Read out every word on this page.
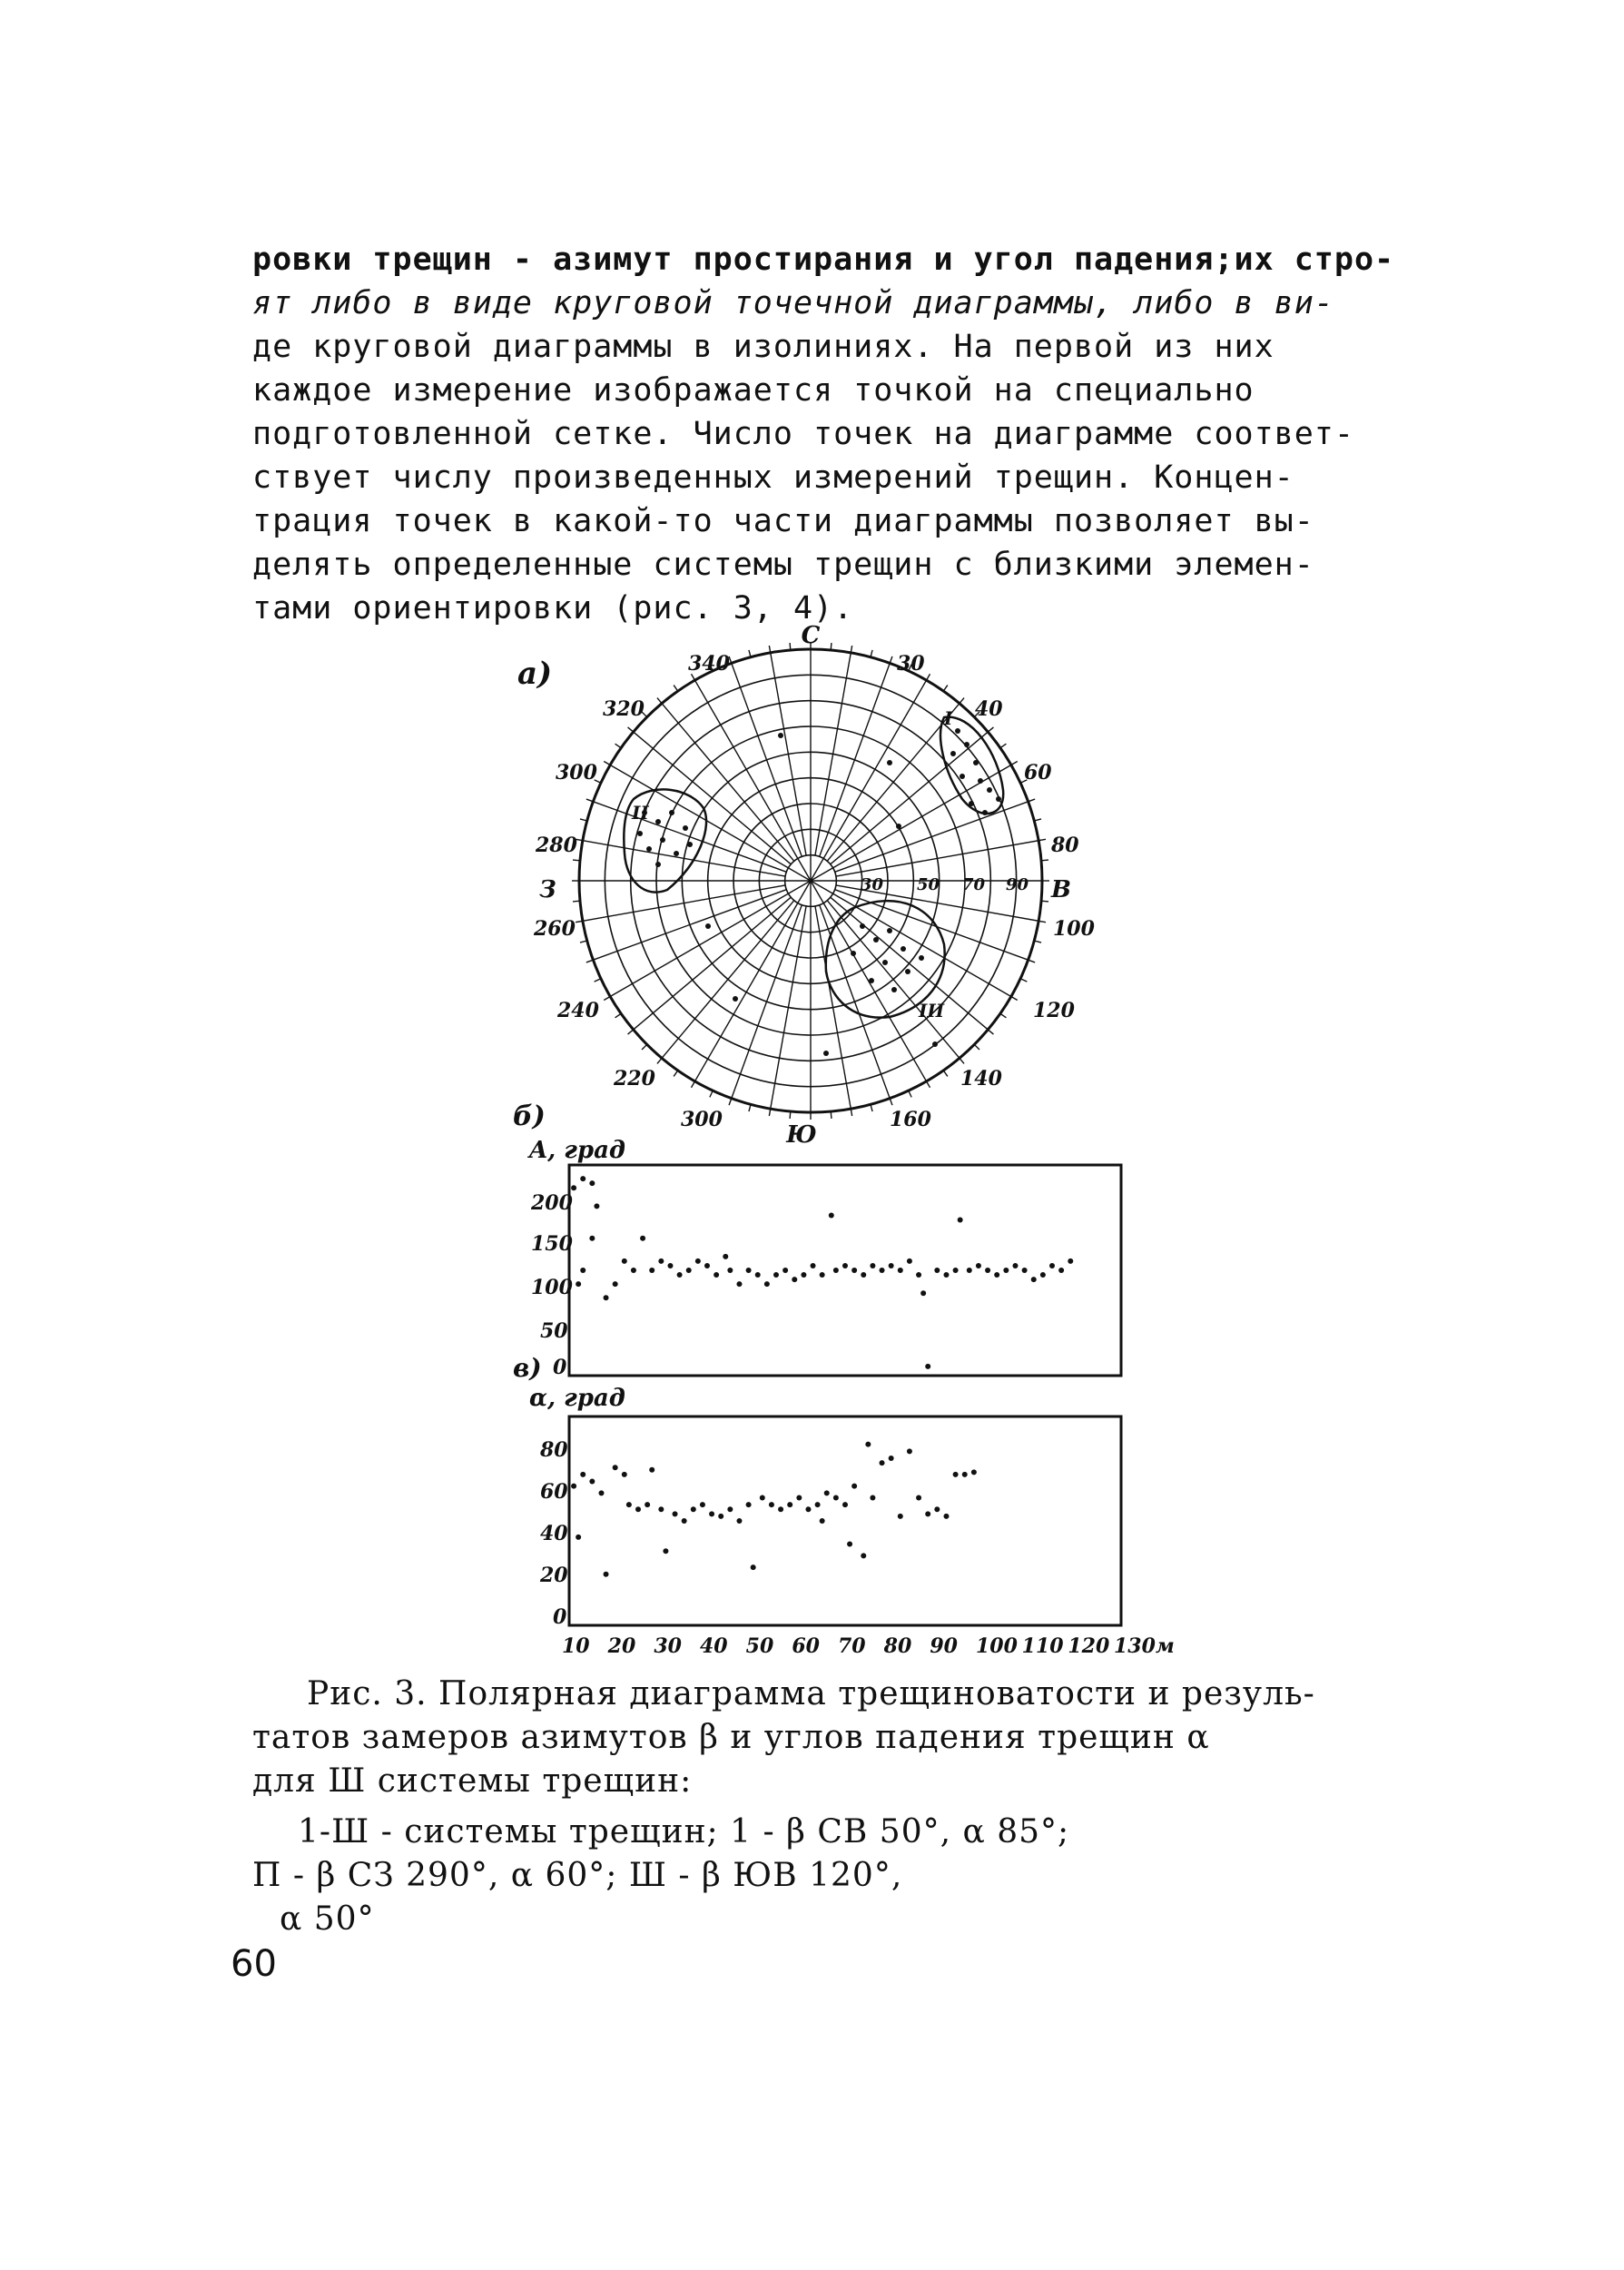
ровки трещин - азимут простирания и угол падения;их стро-
ят либо в виде круговой точечной диаграммы, либо в ви-
де круговой диаграммы в изолиниях. На первой из них
каждое измерение изображается точкой на специально
подготовленной сетке. Число точек на диаграмме соответ-
ствует числу произведенных измерений трещин. Концен-
трация точек в какой-то части диаграммы позволяет вы-
делять определенные системы трещин с близкими элемен-
тами ориентировки (рис. 3, 4).
а)
б)
в)
С
Ю
В
З
340	30
320	40
300	60
280	80
260	100
240	120
220	140
300	160
30 50 70 90
I
II
III
A, град
200
150
100
50
0
α, град
80
60
40
20
0
10 20 30 40 50 60 70 80 90 100 110 120 130м
Рис. 3. Полярная диаграмма трещиноватости и резуль-
татов замеров азимутов β и углов падения трещин α
для Ш системы трещин:
1-Ш - системы трещин; 1 - β СВ 50°, α 85°;
П - β СЗ 290°, α 60°; Ш - β ЮВ 120°,
α 50°
60
